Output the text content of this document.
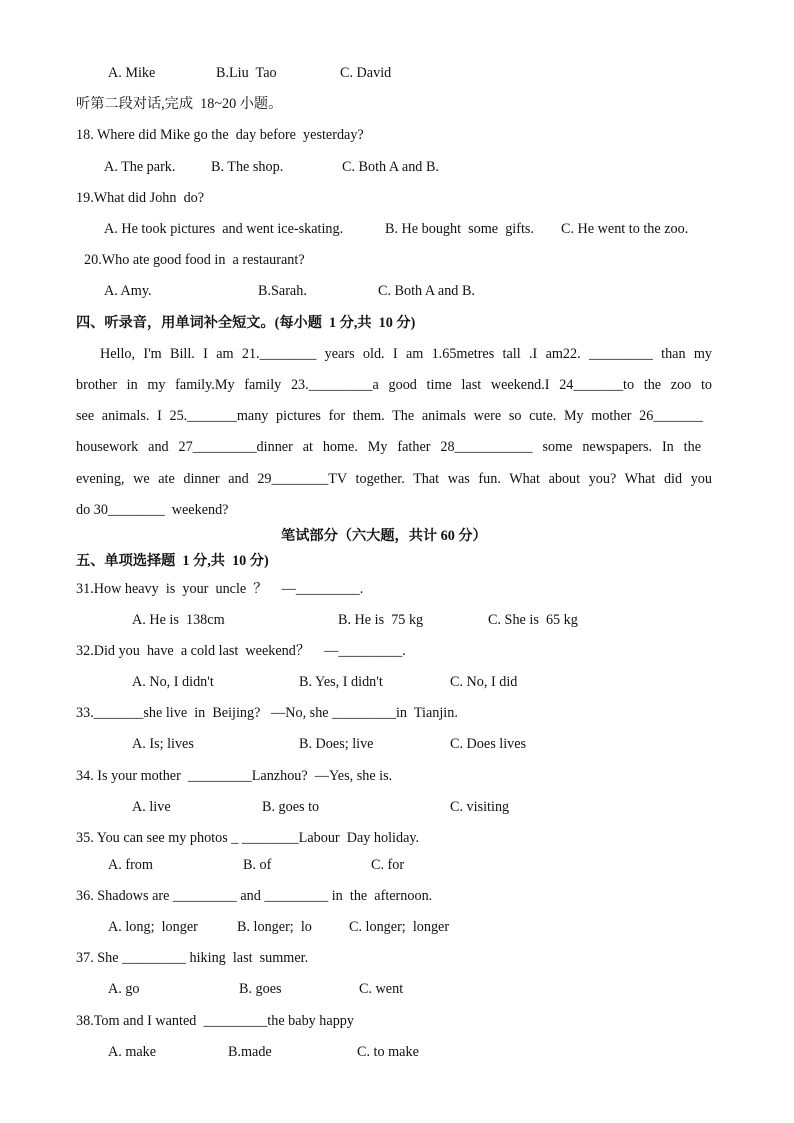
A. Mike	B.Liu  Tao	C. David
听第二段对话,完成  18~20 小题。
18. Where did Mike go the  day before  yesterday?
A. The park.	B. The shop.	C. Both A and B.
19.What did John  do?
A. He took pictures  and went ice-skating.	B. He bought  some  gifts. C. He went to the zoo.
20.Who ate good food in  a restaurant?
A. Amy.	B.Sarah.	C. Both A and B.
四、听录音，用单词补全短文。(每小题  1 分,共  10 分)
Hello, I'm Bill. I am 21.________ years old. I am 1.65metres tall .I am22. _________ than my
brother in my family.My family 23._________a good time last weekend.I 24_______to the zoo to
see animals. I 25._______many pictures for them. The animals were so cute. My mother 26_______
housework and 27_________dinner at home. My father 28___________ some newspapers. In the
evening, we ate dinner and 29________TV together. That was fun. What about you? What did you
do 30________  weekend?
笔试部分（六大题，共计 60 分）
五、单项选择题  1 分,共  10 分)
31.How heavy  is  your  uncle  ？    —_________.
A. He is  138cm	B. He is  75 kg	C. She is  65 kg
32.Did you  have  a cold last  weekend？    —_________.
A. No, I didn't	B. Yes, I didn't	C. No, I did
33._______she live  in  Beijing?   —No, she _________in  Tianjin.
A. Is; lives	B. Does; live	C. Does lives
34. Is your mother  _________Lanzhou?  —Yes, she is.
A. live	B. goes to	C. visiting
35. You can see my photos _ ________Labour  Day holiday.
A. from	B. of	C. for
36. Shadows are _________ and _________ in  the  afternoon.
A. long;  longer	B. longer;  lo	C. longer;  longer
37. She _________ hiking  last  summer.
A. go	B. goes	C. went
38.Tom and I wanted  _________the baby happy
A. make	B.made	C. to make
